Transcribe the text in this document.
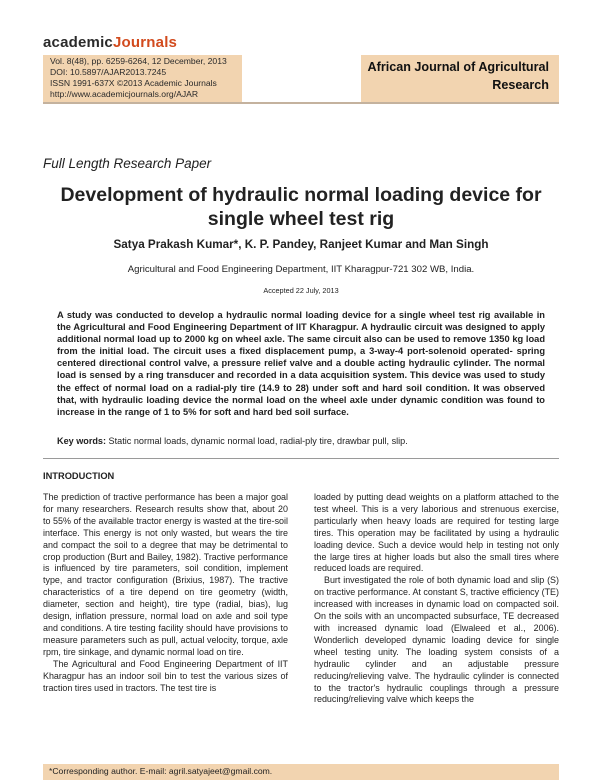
academicJournals
Vol. 8(48), pp. 6259-6264, 12 December, 2013
DOI: 10.5897/AJAR2013.7245
ISSN 1991-637X ©2013 Academic Journals
http://www.academicjournals.org/AJAR
African Journal of Agricultural Research
Full Length Research Paper
Development of hydraulic normal loading device for single wheel test rig
Satya Prakash Kumar*, K. P. Pandey, Ranjeet Kumar and Man Singh
Agricultural and Food Engineering Department, IIT Kharagpur-721 302 WB, India.
Accepted 22 July, 2013
A study was conducted to develop a hydraulic normal loading device for a single wheel test rig available in the Agricultural and Food Engineering Department of IIT Kharagpur. A hydraulic circuit was designed to apply additional normal load up to 2000 kg on wheel axle. The same circuit also can be used to remove 1350 kg load from the initial load. The circuit uses a fixed displacement pump, a 3-way-4 port-solenoid operated- spring centered directional control valve, a pressure relief valve and a double acting hydraulic cylinder. The normal load is sensed by a ring transducer and recorded in a data acquisition system. This device was used to study the effect of normal load on a radial-ply tire (14.9 to 28) under soft and hard soil condition. It was observed that, with hydraulic loading device the normal load on the wheel axle under dynamic condition was found to increase in the range of 1 to 5% for soft and hard bed soil surface.
Key words: Static normal loads, dynamic normal load, radial-ply tire, drawbar pull, slip.
INTRODUCTION

The prediction of tractive performance has been a major goal for many researchers. Research results show that, about 20 to 55% of the available tractor energy is wasted at the tire-soil interface. This energy is not only wasted, but wears the tire and compact the soil to a degree that may be detrimental to crop production (Burt and Bailey, 1982). Tractive performance is influenced by tire parameters, soil condition, implement type, and tractor configuration (Brixius, 1987). The tractive characteristics of a tire depend on tire geometry (width, diameter, section and height), tire type (radial, bias), lug design, inflation pressure, normal load on axle and soil type and conditions. A tire testing facility should have provisions to measure parameters such as pull, actual velocity, torque, axle rpm, tire sinkage, and dynamic normal load on tire.

The Agricultural and Food Engineering Department of IIT Kharagpur has an indoor soil bin to test the various sizes of traction tires used in tractors. The test tire is

loaded by putting dead weights on a platform attached to the test wheel. This is a very laborious and strenuous exercise, particularly when heavy loads are required for testing large tires. This operation may be facilitated by using a hydraulic loading device. Such a device would help in testing not only the large tires at higher loads but also the small tires where reduced loads are required.

Burt investigated the role of both dynamic load and slip (S) on tractive performance. At constant S, tractive efficiency (TE) increased with increases in dynamic load on compacted soil. On the soils with an uncompacted subsurface, TE decreased with increased dynamic load (Elwaleed et al., 2006). Wonderlich developed dynamic loading device for single wheel testing unity. The loading system consists of a hydraulic cylinder and an adjustable pressure reducing/relieving valve. The hydraulic cylinder is connected to the tractor's hydraulic couplings through a pressure reducing/relieving valve which keeps the

*Corresponding author. E-mail: agril.satyajeet@gmail.com.
